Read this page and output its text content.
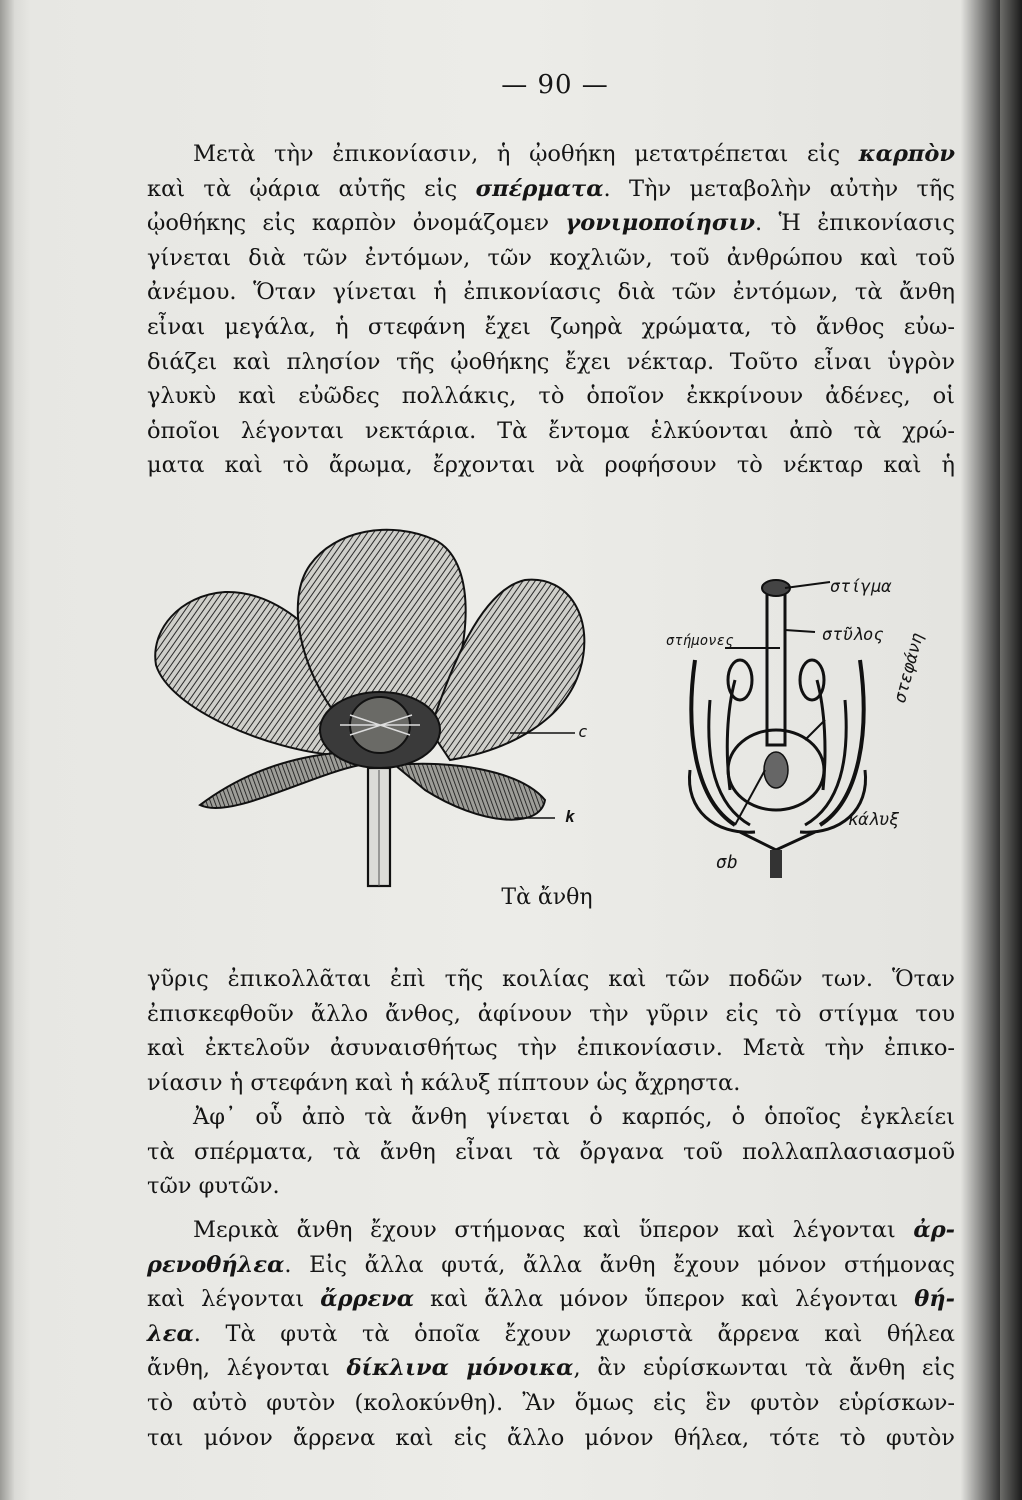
— 90 —
Μετὰ τὴν ἐπικονίασιν, ἡ ᾠοθήκη μετατρέπεται εἰς καρπὸν
καὶ τὰ ᾠάρια αὐτῆς εἰς σπέρματα. Τὴν μεταβολὴν αὐτὴν τῆς
ᾠοθήκης εἰς καρπὸν ὀνομάζομεν γονιμοποίησιν. Ἡ ἐπικονίασις
γίνεται διὰ τῶν ἐντόμων, τῶν κοχλιῶν, τοῦ ἀνθρώπου καὶ τοῦ
ἀνέμου. Ὅταν γίνεται ἡ ἐπικονίασις διὰ τῶν ἐντόμων, τὰ ἄνθη
εἶναι μεγάλα, ἡ στεφάνη ἔχει ζωηρὰ χρώματα, τὸ ἄνθος εὐω-
διάζει καὶ πλησίον τῆς ᾠοθήκης ἔχει νέκταρ. Τοῦτο εἶναι ὑγρὸν
γλυκὺ καὶ εὐῶδες πολλάκις, τὸ ὁποῖον ἐκκρίνουν ἀδένες, οἱ
ὁποῖοι λέγονται νεκτάρια. Τὰ ἔντομα ἑλκύονται ἀπὸ τὰ χρώ-
ματα καὶ τὸ ἄρωμα, ἔρχονται νὰ ροφήσουν τὸ νέκταρ καὶ ἡ
c
k
στίγμα
στήμονες	στῦλος στεφάνη
κάλυξ
σb
Τὰ ἄνθη
γῦρις ἐπικολλᾶται ἐπὶ τῆς κοιλίας καὶ τῶν ποδῶν των. Ὅταν
ἐπισκεφθοῦν ἄλλο ἄνθος, ἀφίνουν τὴν γῦριν εἰς τὸ στίγμα του
καὶ ἐκτελοῦν ἀσυναισθήτως τὴν ἐπικονίασιν. Μετὰ τὴν ἐπικο-
νίασιν ἡ στεφάνη καὶ ἡ κάλυξ πίπτουν ὡς ἄχρηστα.
Ἀφ᾽ οὗ ἀπὸ τὰ ἄνθη γίνεται ὁ καρπός, ὁ ὁποῖος ἐγκλείει
τὰ σπέρματα, τὰ ἄνθη εἶναι τὰ ὄργανα τοῦ πολλαπλασιασμοῦ
τῶν φυτῶν.
Μερικὰ ἄνθη ἔχουν στήμονας καὶ ὕπερον καὶ λέγονται ἀρ-
ρενοθήλεα. Εἰς ἄλλα φυτά, ἄλλα ἄνθη ἔχουν μόνον στήμονας
καὶ λέγονται ἄρρενα καὶ ἄλλα μόνον ὕπερον καὶ λέγονται θή-
λεα. Τὰ φυτὰ τὰ ὁποῖα ἔχουν χωριστὰ ἄρρενα καὶ θήλεα
ἄνθη, λέγονται δίκλινα μόνοικα, ἂν εὑρίσκωνται τὰ ἄνθη εἰς
τὸ αὐτὸ φυτὸν (κολοκύνθη). Ἂν ὅμως εἰς ἓν φυτὸν εὑρίσκων-
ται μόνον ἄρρενα καὶ εἰς ἄλλο μόνον θήλεα, τότε τὸ φυτὸν
